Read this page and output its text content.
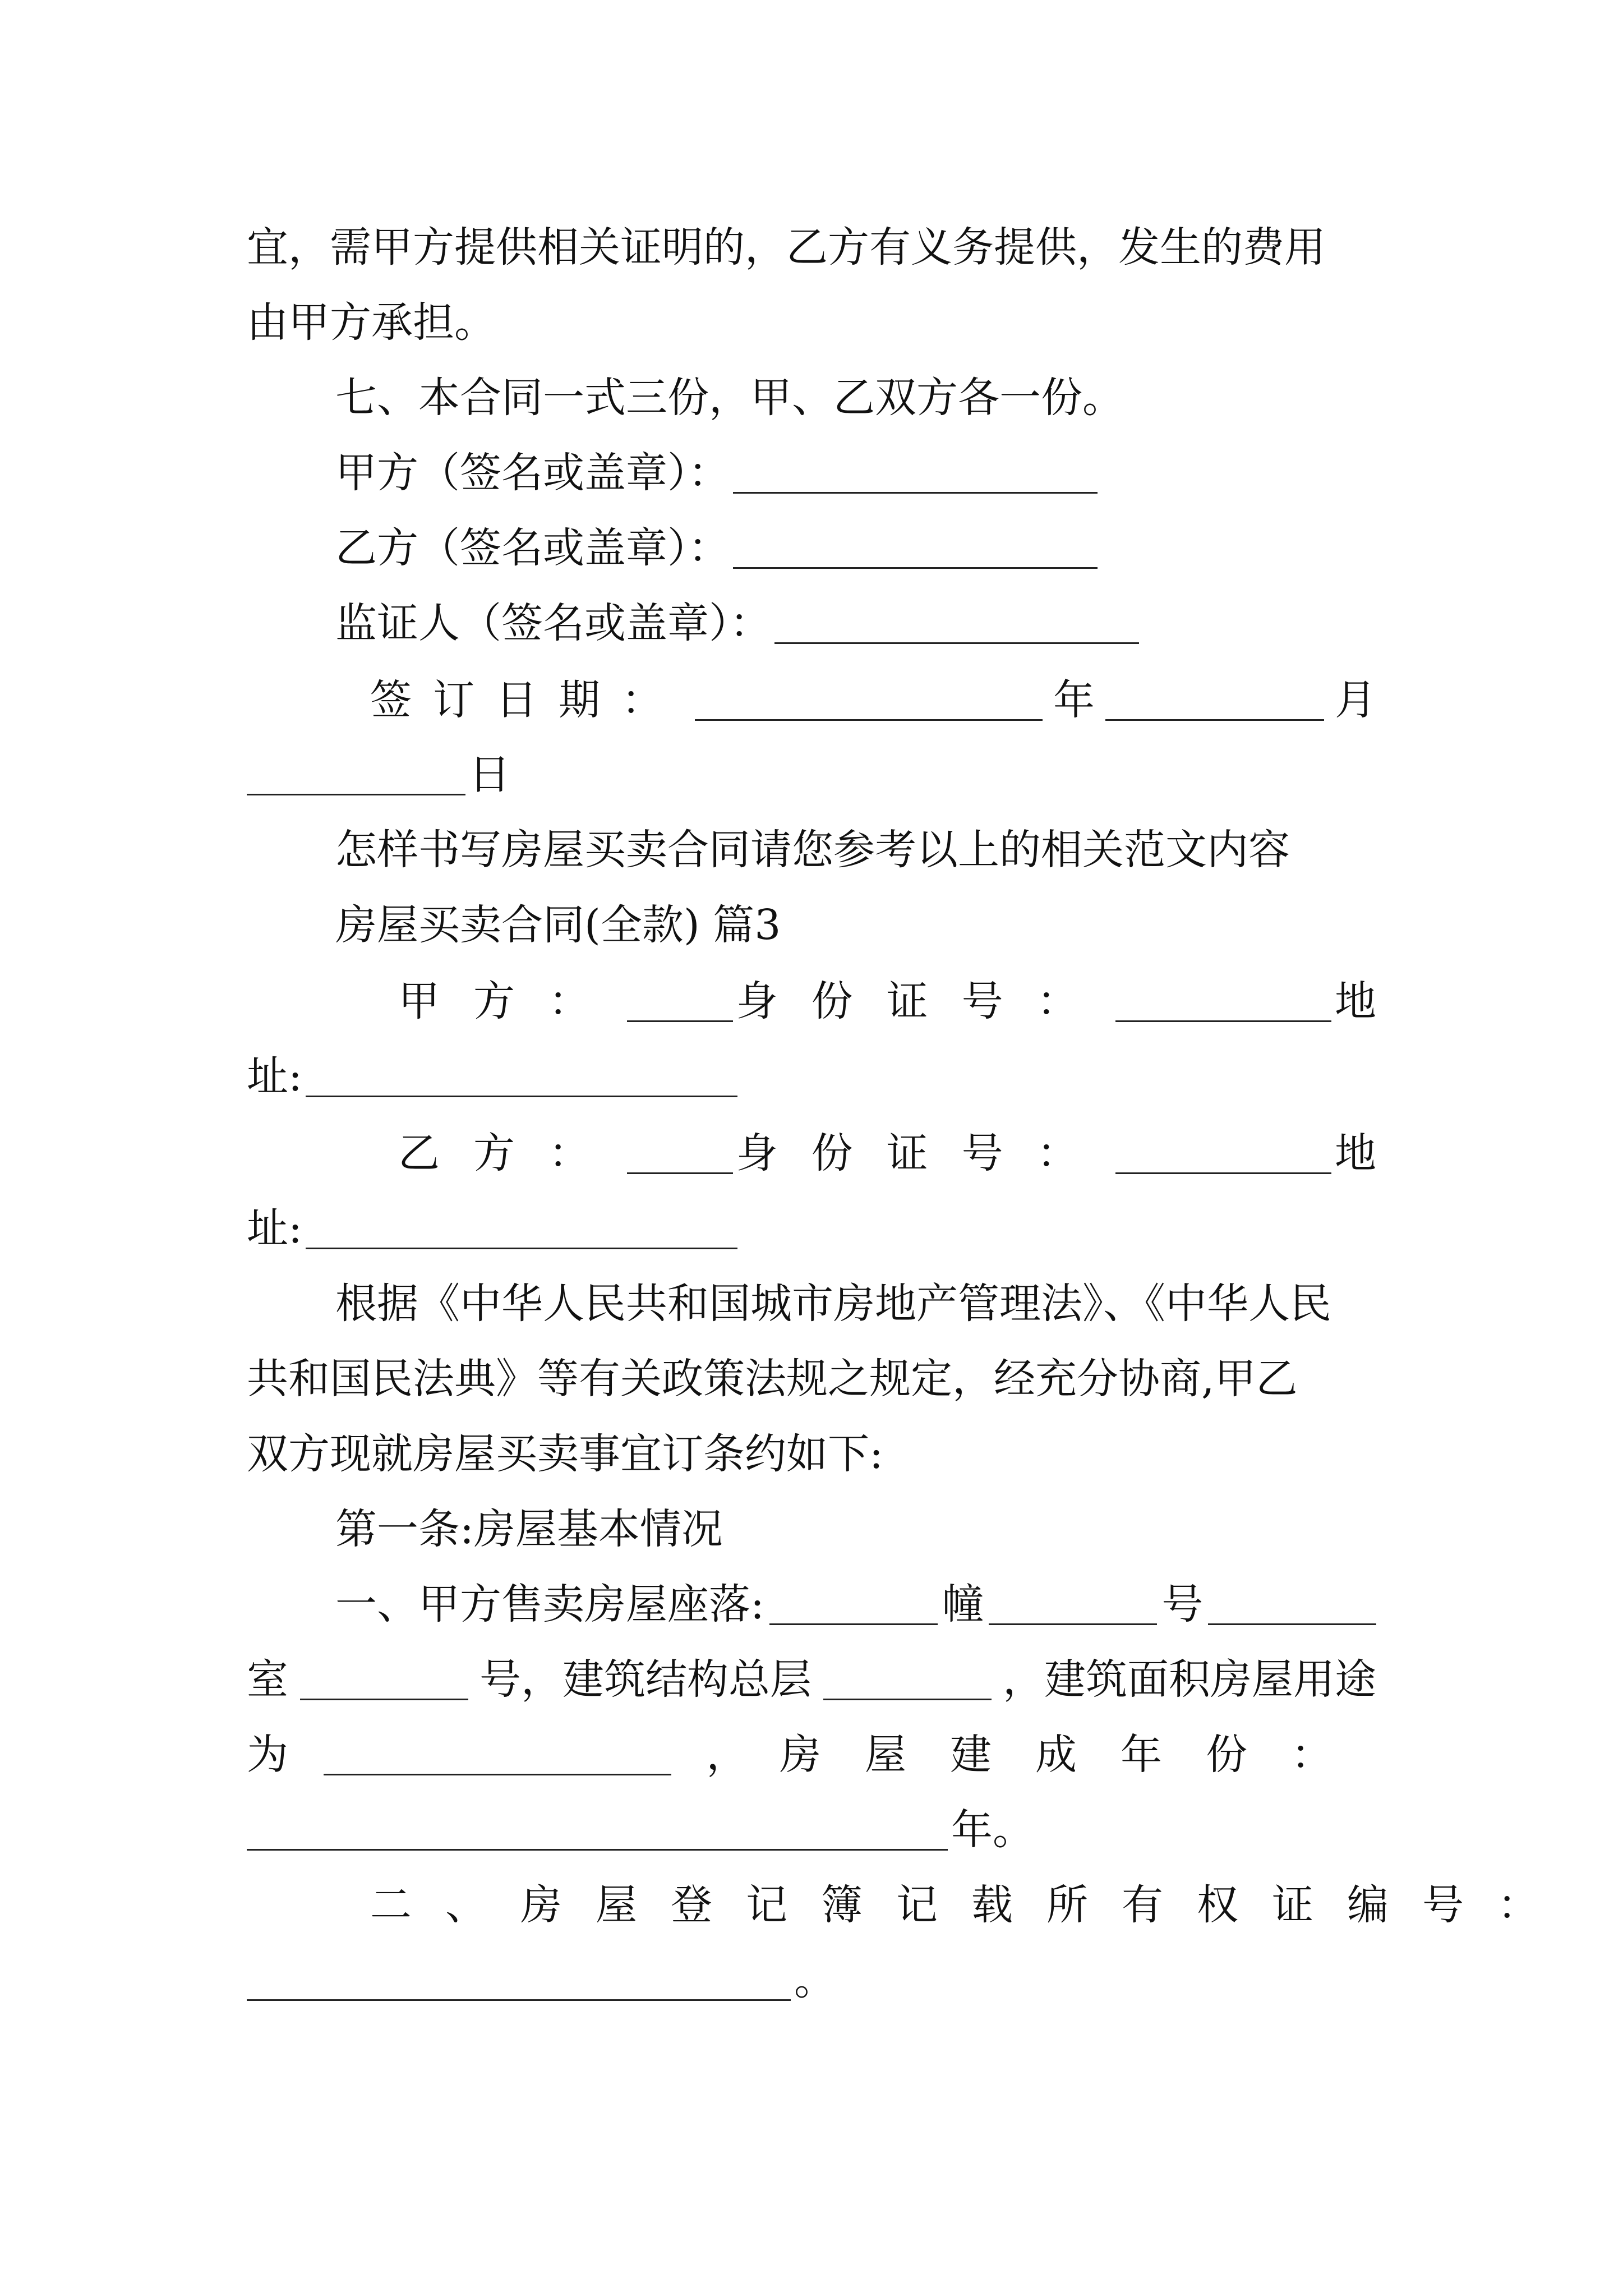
宜，需甲方提供相关证明的，乙方有义务提供，发生的费用
由甲方承担。
七、本合同一式三份，甲、乙双方各一份。
甲方（签名或盖章）：
乙方（签名或盖章）：
监证人（签名或盖章）：
签订日期：	年	月
日
怎样书写房屋买卖合同请您参考以上的相关范文内容
房屋买卖合同(全款) 篇3
甲方：	身份证号：	地
址:
乙方：	身份证号：	地
址:
根据《中华人民共和国城市房地产管理法》、《中华人民
共和国民法典》等有关政策法规之规定，经充分协商,甲乙
双方现就房屋买卖事宜订条约如下:
第一条:房屋基本情况
一、甲方售卖房屋座落:	幢	号
室	号，建筑结构总层	，建筑面积房屋用途
为	， 房屋建成年份：
年。
二、房屋登记簿记载所有权证编号：
。
